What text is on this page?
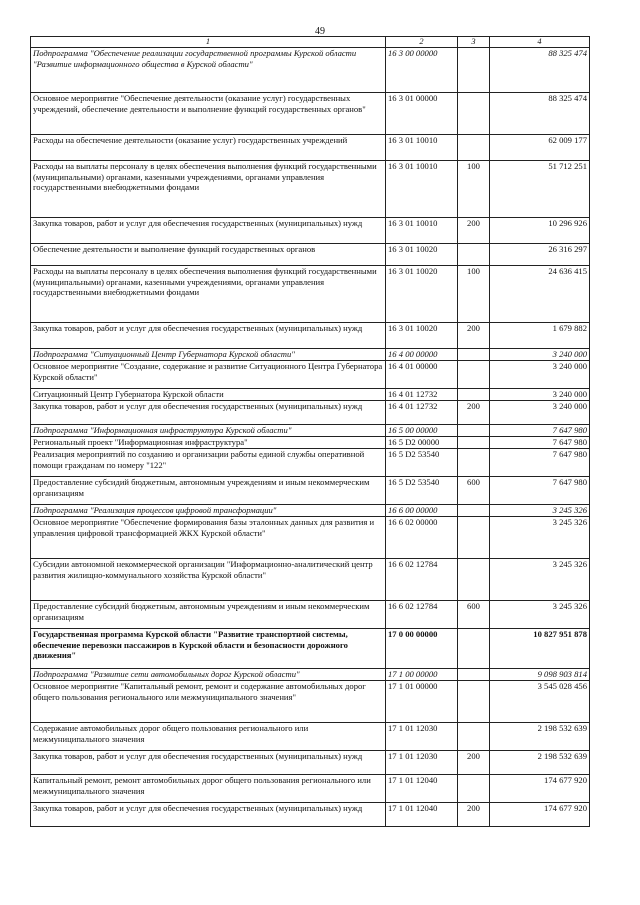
49
1	2	3	4
Подпрограмма "Обеспечение реализации государственной программы Курской области "Развитие информационного общества в Курской области"	16 3 00 00000		88 325 474
Основное мероприятие "Обеспечение деятельности (оказание услуг) государственных учреждений, обеспечение деятельности и выполнение функций государственных органов"	16 3 01 00000		88 325 474
Расходы на обеспечение деятельности (оказание услуг) государственных учреждений	16 3 01 10010		62 009 177
Расходы на выплаты персоналу в целях обеспечения выполнения функций государственными (муниципальными) органами, казенными учреждениями, органами управления государственными внебюджетными фондами	16 3 01 10010	100	51 712 251
Закупка товаров, работ и услуг для обеспечения государственных (муниципальных) нужд	16 3 01 10010	200	10 296 926
Обеспечение деятельности и выполнение функций государственных органов	16 3 01 10020		26 316 297
Расходы на выплаты персоналу в целях обеспечения выполнения функций государственными (муниципальными) органами, казенными учреждениями, органами управления государственными внебюджетными фондами	16 3 01 10020	100	24 636 415
Закупка товаров, работ и услуг для обеспечения государственных (муниципальных) нужд	16 3 01 10020	200	1 679 882
Подпрограмма "Ситуационный Центр Губернатора Курской области"	16 4 00 00000		3 240 000
Основное мероприятие "Создание, содержание и развитие Ситуационного Центра Губернатора Курской области"	16 4 01 00000		3 240 000
Ситуационный Центр Губернатора Курской области	16 4 01 12732		3 240 000
Закупка товаров, работ и услуг для обеспечения государственных (муниципальных) нужд	16 4 01 12732	200	3 240 000
Подпрограмма "Информационная инфраструктура Курской области"	16 5 00 00000		7 647 980
Региональный проект "Информационная инфраструктура"	16 5 D2 00000		7 647 980
Реализация мероприятий по созданию и организации работы единой службы оперативной помощи гражданам по номеру "122"	16 5 D2 53540		7 647 980
Предоставление субсидий бюджетным, автономным учреждениям и иным некоммерческим организациям	16 5 D2 53540	600	7 647 980
Подпрограмма "Реализация процессов цифровой трансформации"	16 6 00 00000		3 245 326
Основное мероприятие "Обеспечение формирования базы эталонных данных для развития и управления цифровой трансформацией ЖКХ Курской области"	16 6 02 00000		3 245 326
Субсидии автономной некоммерческой организации "Информационно-аналитический центр развития жилищно-коммунального хозяйства Курской области"	16 6 02 12784		3 245 326
Предоставление субсидий бюджетным, автономным учреждениям и иным некоммерческим организациям	16 6 02 12784	600	3 245 326
Государственная программа Курской области "Развитие транспортной системы, обеспечение перевозки пассажиров в Курской области и безопасности дорожного движения"	17 0 00 00000		10 827 951 878
Подпрограмма "Развитие сети автомобильных дорог Курской области"	17 1 00 00000		9 098 903 814
Основное мероприятие "Капитальный ремонт, ремонт и содержание автомобильных дорог общего пользования регионального или межмуниципального значения"	17 1 01 00000		3 545 028 456
Содержание автомобильных дорог общего пользования регионального или межмуниципального значения	17 1 01 12030		2 198 532 639
Закупка товаров, работ и услуг для обеспечения государственных (муниципальных) нужд	17 1 01 12030	200	2 198 532 639
Капитальный ремонт, ремонт автомобильных дорог общего пользования регионального или межмуниципального значения	17 1 01 12040		174 677 920
Закупка товаров, работ и услуг для обеспечения государственных (муниципальных) нужд	17 1 01 12040	200	174 677 920
